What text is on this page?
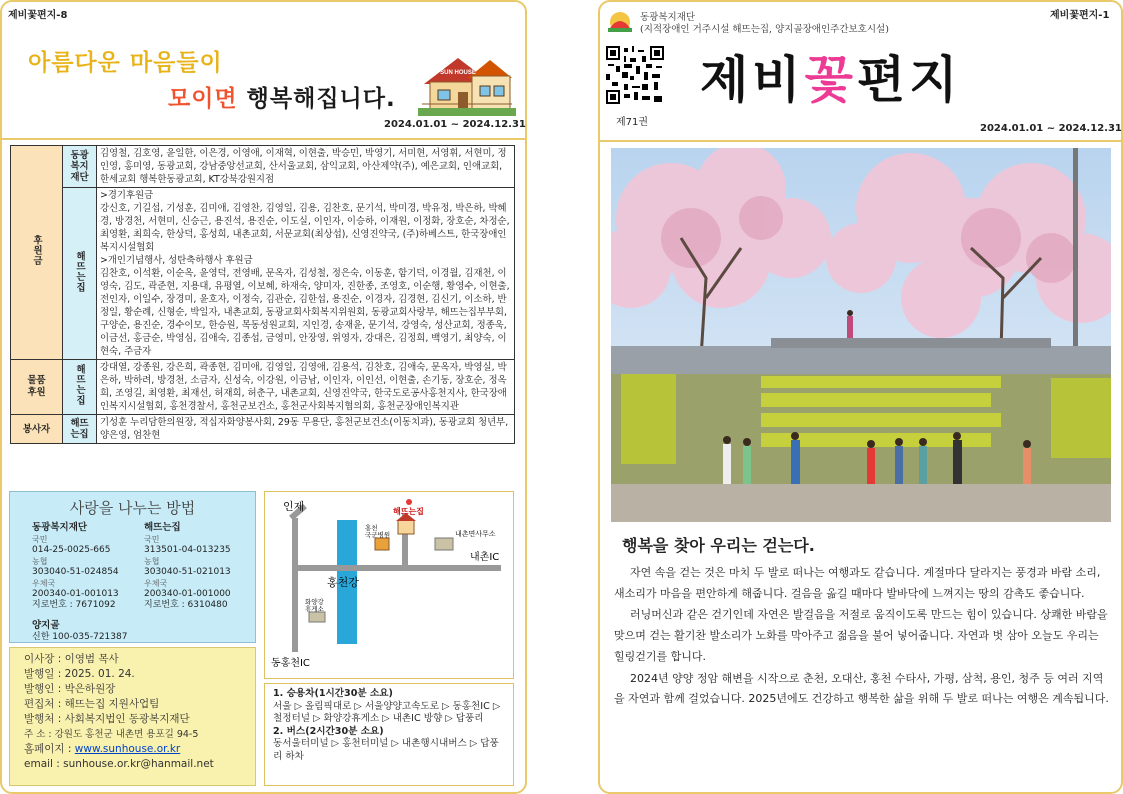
제비꽃편지-8
아름다운 마음들이
모이면 행복해집니다.
SUN HOUSE
2024.01.01 ~ 2024.12.31
후원금	동광복지재단	김영철, 김호영, 윤일한, 이은경, 이영애, 이재혁, 이현출, 박승민, 박영기, 서미현, 서영휘, 서현미, 정인영, 홍미영, 동광교회, 강남중앙선교회, 산서울교회, 삼익교회, 아산제약(주), 예은교회, 인애교회, 한세교회 행복한동광교회, KT강북강원지점
	해뜨는집	>경기후원금
강신호, 기길섭, 기성훈, 김미애, 김영찬, 김영일, 김용, 김찬호, 문기석, 박미경, 박유정, 박은하, 박혜경, 방경천, 서현미, 신승근, 용진석, 용진순, 이도실, 이인자, 이승하, 이재원, 이정화, 장호순, 차정순, 최영환, 최희숙, 한상덕, 홍성희, 내촌교회, 서문교회(최상섭), 신영진약국, (주)하베스트, 한국장애인복지시설협회
>개인기념행사, 성탄축하행사 후원금
김찬호, 이석환, 이순옥, 윤영덕, 전영배, 문옥자, 김성철, 정은숙, 이동훈, 함기덕, 이경월, 김재천, 이영숙, 김도, 곽준현, 지용대, 유평열, 이보혜, 하재숙, 양미자, 진한종, 조영호, 이순행, 황영수, 이현출, 전인자, 이일수, 장경미, 윤호자, 이정숙, 김관순, 김한섭, 용진순, 이경자, 김경현, 김신기, 이소하, 반정일, 황순례, 신형순, 박일자, 내촌교회, 동광교회사회복지위원회, 동광교회사랑부, 해뜨는집부부회, 구양순, 용진순, 경수이모, 한승원, 목동성원교회, 지인경, 송재윤, 문기석, 강영숙, 성산교회, 정종욱, 이금선, 홍금순, 박영심, 김애숙, 김종섭, 금영미, 안장영, 위영자, 강대은, 김정희, 백영기, 최양숙, 이현숙, 주금자

물품후원	해뜨는집	강대열, 강종원, 강은희, 곽종현, 김미애, 김영일, 김영애, 김용석, 김찬호, 김애숙, 문옥자, 박영실, 박은하, 박하려, 방경천, 소금자, 신성숙, 이강원, 이금남, 이인자, 이인선, 이현출, 손기동, 장호순, 정옥희, 조영길, 최영환, 최재선, 허재희, 허춘구, 내촌교회, 신영진약국, 한국도로공사홍천지사, 한국장애인복지시설협회, 홍천경찰서, 홍천군보건소, 홍천군사회복지협의회, 홍천군장애인복지관
봉사자	해뜨는집	기성훈 누리담한의원장, 적십자화양봉사회, 29동 무용단, 홍천군보건소(이동치과), 동광교회 청년부, 양은영, 엄찬현
사랑을 나누는 방법
동광복지재단
국민
014-25-0025-665
농협
303040-51-024854
우체국
200340-01-001013
지로번호 : 7671092
해뜨는집
국민
313501-04-013235
농협
303040-51-021013
우체국
200340-01-001000
지로번호 : 6310480
양지골
신한 100-035-721387
이사장 : 이영범 목사
발행일 : 2025. 01. 24.
발행인 : 박은하원장
편집처 : 해뜨는집 지원사업팀
발행처 : 사회복지법인 동광복지재단
주 소 : 강원도 홍천군 내촌면 용포길 94-5
홈페이지 : www.sunhouse.or.kr
email : sunhouse.or.kr@hanmail.net
인제	해뜨는집
홍천 국군병원	내촌면사무소
내촌IC
홍천강
화양강 휴게소
동홍천IC
1. 승용차(1시간30분 소요)
서울 ▷ 올림픽대로 ▷ 서울양양고속도로 ▷ 동홍천IC ▷ 철정터널 ▷ 화양강휴게소 ▷ 내촌IC 방향 ▷ 답풍리
2. 버스(2시간30분 소요)
동서울터미널 ▷ 홍천터미널 ▷ 내촌행시내버스 ▷ 답풍리 하차
제비꽃편지-1
동광복지재단
(지적장애인 거주시설 해뜨는집, 양지골장애인주간보호시설)
제71권
제비꽃편지
2024.01.01 ~ 2024.12.31
행복을 찾아 우리는 걷는다.

자연 속을 걷는 것은 마치 두 발로 떠나는 여행과도 같습니다. 계절마다 달라지는 풍경과 바람 소리, 새소리가 마음을 편안하게 해줍니다. 걸음을 옮길 때마다 발바닥에 느껴지는 땅의 감촉도 좋습니다.

러닝머신과 같은 걷기인데 자연은 발걸음을 저절로 움직이도록 만드는 힘이 있습니다. 상쾌한 바람을 맞으며 걷는 활기찬 발소리가 노화를 막아주고 젊음을 불어 넣어줍니다. 자연과 벗 삼아 오늘도 우리는 힐링걷기를 합니다.

2024년 양양 정암 해변을 시작으로 춘천, 오대산, 홍천 수타사, 가평, 삼척, 용인, 청주 등 여러 지역을 자연과 함께 걸었습니다. 2025년에도 건강하고 행복한 삶을 위해 두 발로 떠나는 여행은 계속됩니다.
